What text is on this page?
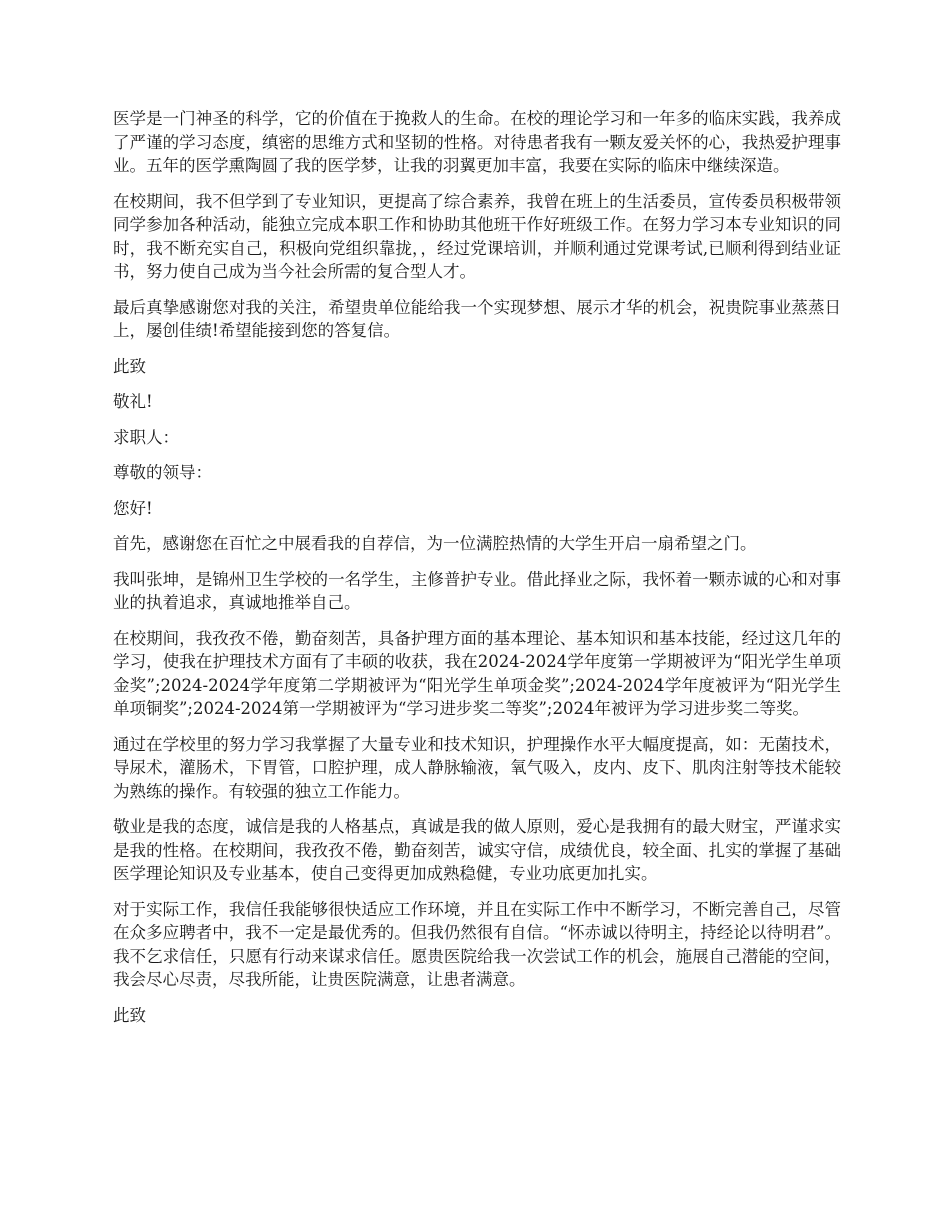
医学是一门神圣的科学，它的价值在于挽救人的生命。在校的理论学习和一年多的临床实践，我养成了严谨的学习态度，缜密的思维方式和坚韧的性格。对待患者我有一颗友爱关怀的心，我热爱护理事业。五年的医学熏陶圆了我的医学梦，让我的羽翼更加丰富，我要在实际的临床中继续深造。

在校期间，我不但学到了专业知识，更提高了综合素养，我曾在班上的生活委员，宣传委员积极带领同学参加各种活动，能独立完成本职工作和协助其他班干作好班级工作。在努力学习本专业知识的同时，我不断充实自己，积极向党组织靠拢，，经过党课培训，并顺利通过党课考试,已顺利得到结业证书，努力使自己成为当今社会所需的复合型人才。

最后真挚感谢您对我的关注，希望贵单位能给我一个实现梦想、展示才华的机会，祝贵院事业蒸蒸日上，屡创佳绩!希望能接到您的答复信。

此致

敬礼!

求职人：

尊敬的领导：

您好!

首先，感谢您在百忙之中展看我的自荐信，为一位满腔热情的大学生开启一扇希望之门。

我叫张坤，是锦州卫生学校的一名学生，主修普护专业。借此择业之际，我怀着一颗赤诚的心和对事业的执着追求，真诚地推举自己。

在校期间，我孜孜不倦，勤奋刻苦，具备护理方面的基本理论、基本知识和基本技能，经过这几年的学习，使我在护理技术方面有了丰硕的收获，我在2024-2024学年度第一学期被评为“阳光学生单项金奖”;2024-2024学年度第二学期被评为“阳光学生单项金奖”;2024-2024学年度被评为“阳光学生单项铜奖”;2024-2024第一学期被评为“学习进步奖二等奖”;2024年被评为学习进步奖二等奖。

通过在学校里的努力学习我掌握了大量专业和技术知识，护理操作水平大幅度提高，如：无菌技术，导尿术，灌肠术，下胃管，口腔护理，成人静脉输液，氧气吸入，皮内、皮下、肌肉注射等技术能较为熟练的操作。有较强的独立工作能力。

敬业是我的态度，诚信是我的人格基点，真诚是我的做人原则，爱心是我拥有的最大财宝，严谨求实是我的性格。在校期间，我孜孜不倦，勤奋刻苦，诚实守信，成绩优良，较全面、扎实的掌握了基础医学理论知识及专业基本，使自己变得更加成熟稳健，专业功底更加扎实。

对于实际工作，我信任我能够很快适应工作环境，并且在实际工作中不断学习，不断完善自己，尽管在众多应聘者中，我不一定是最优秀的。但我仍然很有自信。“怀赤诚以待明主，持经论以待明君”。我不乞求信任，只愿有行动来谋求信任。愿贵医院给我一次尝试工作的机会，施展自己潜能的空间，我会尽心尽责，尽我所能，让贵医院满意，让患者满意。

此致
